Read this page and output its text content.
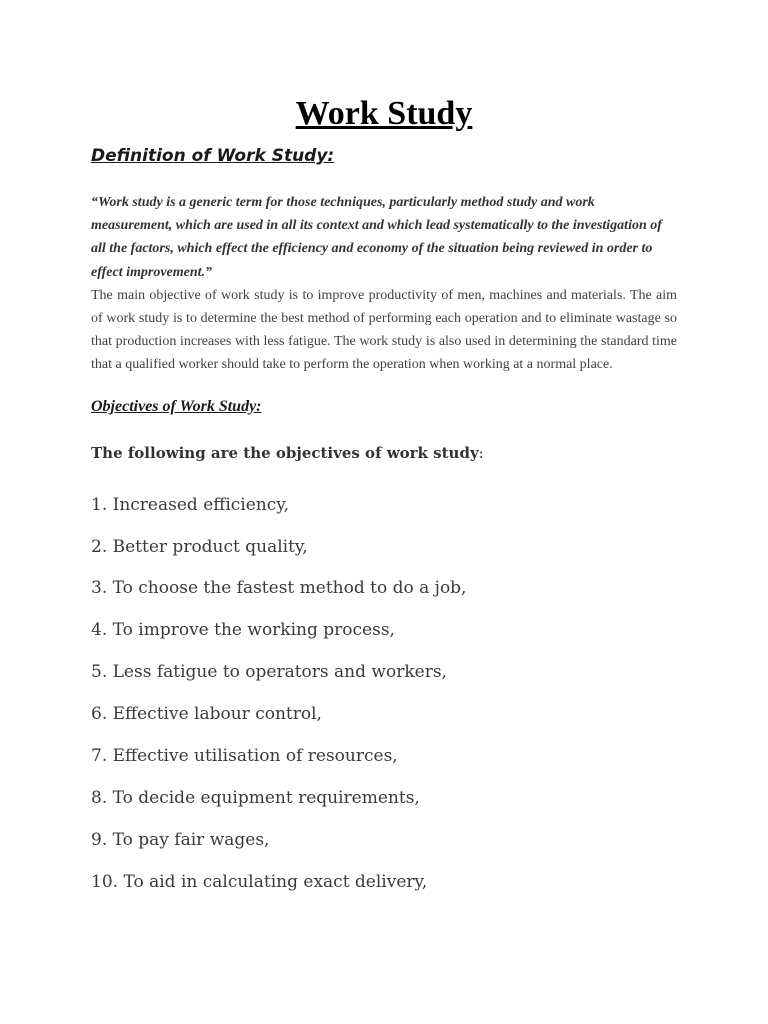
Work Study
Definition of Work Study:

“Work study is a generic term for those techniques, particularly method study and work measurement, which are used in all its context and which lead systematically to the investigation of all the factors, which effect the efficiency and economy of the situation being reviewed in order to effect improvement.”

The main objective of work study is to improve productivity of men, machines and materials. The aim of work study is to determine the best method of performing each operation and to eliminate wastage so that production increases with less fatigue. The work study is also used in determining the standard time that a qualified worker should take to perform the operation when working at a normal place.

Objectives of Work Study:

The following are the objectives of work study:

1. Increased efficiency,
2. Better product quality,
3. To choose the fastest method to do a job,
4. To improve the working process,
5. Less fatigue to operators and workers,
6. Effective labour control,
7. Effective utilisation of resources,
8. To decide equipment requirements,
9. To pay fair wages,
10. To aid in calculating exact delivery,
